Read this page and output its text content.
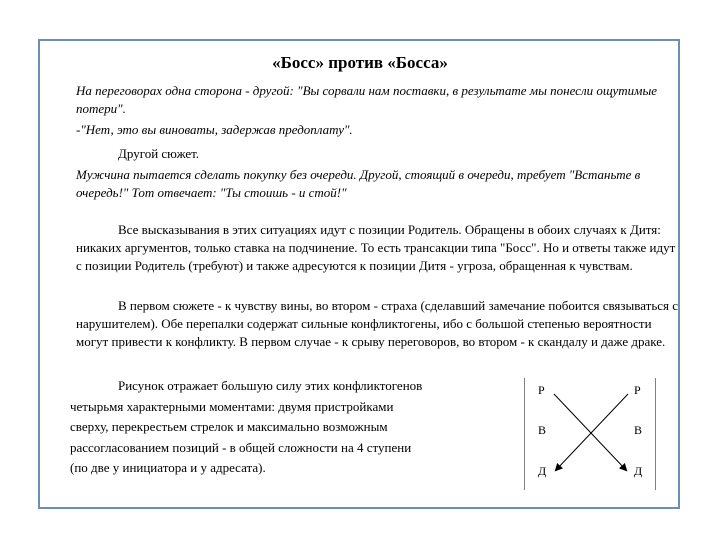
«Босс» против «Босса»

На переговорах одна сторона - другой: "Вы сорвали нам поставки, в результате мы понесли ощутимые потери".

-"Нет, это вы виноваты, задержав предоплату".

Другой сюжет.

Мужчина пытается сделать покупку без очереди. Другой, стоящий в очереди, требует "Встаньте в очередь!" Тот отвечает: "Ты стоишь - и стой!"

Все высказывания в этих ситуациях идут с позиции Родитель. Обращены в обоих случаях к Дитя: никаких аргументов, только ставка на подчинение. То есть трансакции типа "Босс". Но и ответы также идут с позиции Родитель (требуют) и также адресуются к позиции Дитя - угроза, обращенная к чувствам.

В первом сюжете - к чувству вины, во втором - страха (сделавший замечание побоится связываться с нарушителем). Обе перепалки содержат сильные конфликтогены, ибо с большой степенью вероятности могут привести к конфликту. В первом случае - к срыву переговоров, во втором - к скандалу и даже драке.

Рисунок отражает большую силу этих конфликтогенов
четырьмя характерными моментами: двумя пристройками
сверху, перекрестьем стрелок и максимально возможным
рассогласованием позиций - в общей сложности на 4 ступени
(по две у инициатора и у адресата).
Р
В
Д
Р
В
Д
